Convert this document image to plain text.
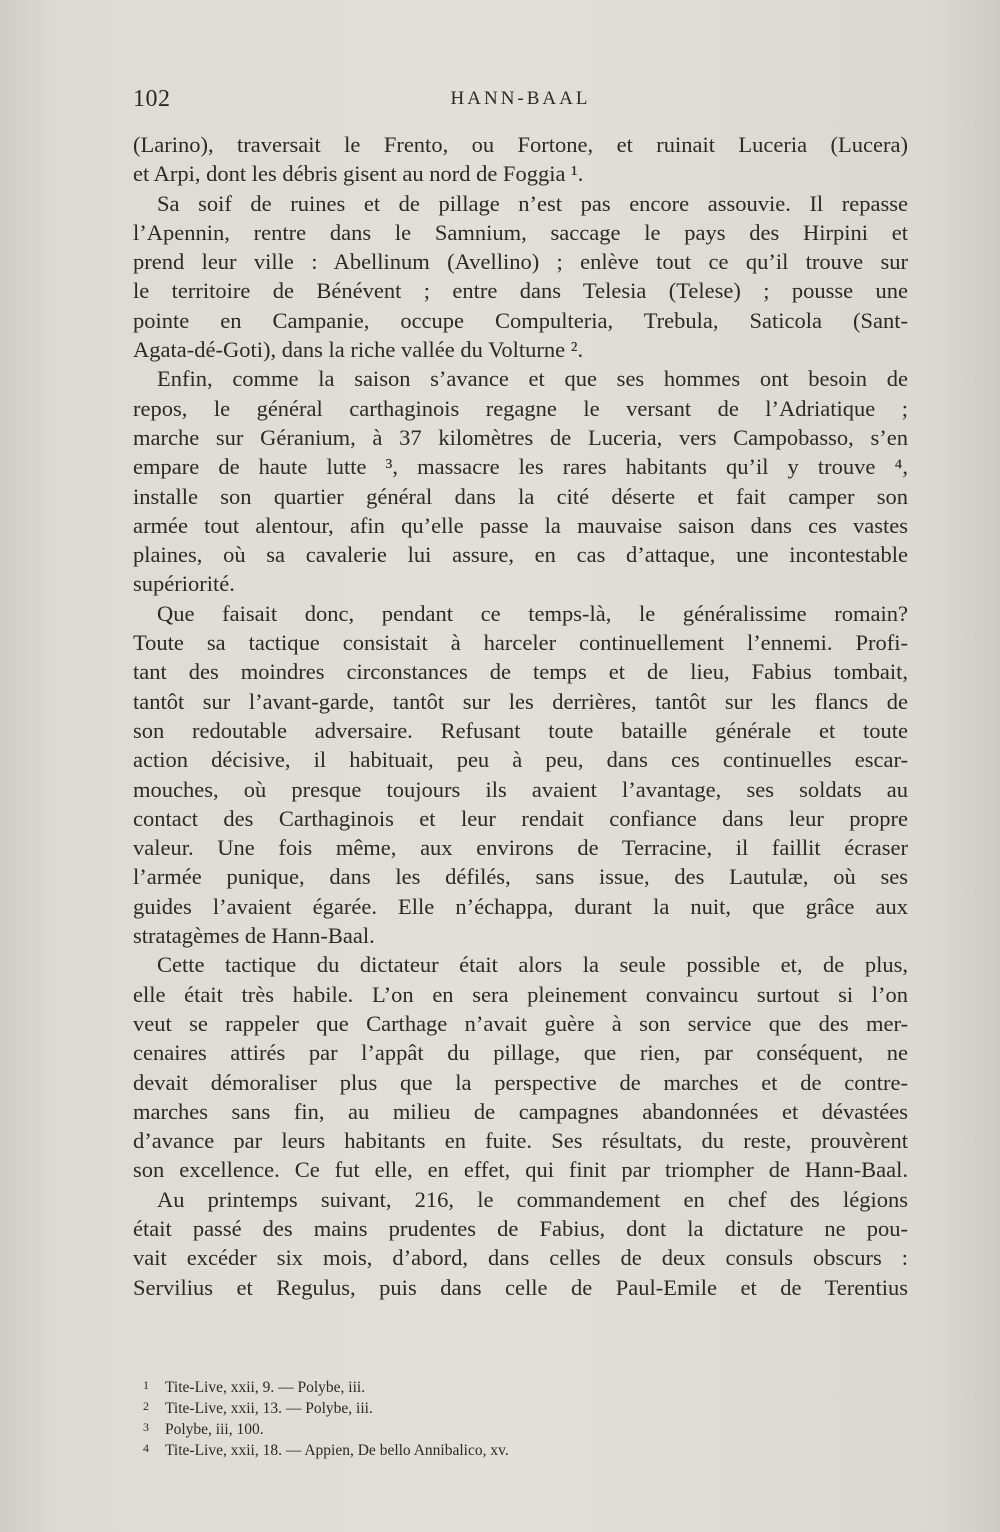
102	HANN-BAAL
(Larino), traversait le Frento, ou Fortone, et ruinait Luceria (Lucera)
et Arpi, dont les débris gisent au nord de Foggia ¹.
Sa soif de ruines et de pillage n’est pas encore assouvie. Il repasse
l’Apennin, rentre dans le Samnium, saccage le pays des Hirpini et
prend leur ville : Abellinum (Avellino) ; enlève tout ce qu’il trouve sur
le territoire de Bénévent ; entre dans Telesia (Telese) ; pousse une
pointe en Campanie, occupe Compulteria, Trebula, Saticola (Sant-
Agata-dé-Goti), dans la riche vallée du Volturne ².
Enfin, comme la saison s’avance et que ses hommes ont besoin de
repos, le général carthaginois regagne le versant de l’Adriatique ;
marche sur Géranium, à 37 kilomètres de Luceria, vers Campobasso, s’en
empare de haute lutte ³, massacre les rares habitants qu’il y trouve ⁴,
installe son quartier général dans la cité déserte et fait camper son
armée tout alentour, afin qu’elle passe la mauvaise saison dans ces vastes
plaines, où sa cavalerie lui assure, en cas d’attaque, une incontestable
supériorité.
Que faisait donc, pendant ce temps-là, le généralissime romain?
Toute sa tactique consistait à harceler continuellement l’ennemi. Profi-
tant des moindres circonstances de temps et de lieu, Fabius tombait,
tantôt sur l’avant-garde, tantôt sur les derrières, tantôt sur les flancs de
son redoutable adversaire. Refusant toute bataille générale et toute
action décisive, il habituait, peu à peu, dans ces continuelles escar-
mouches, où presque toujours ils avaient l’avantage, ses soldats au
contact des Carthaginois et leur rendait confiance dans leur propre
valeur. Une fois même, aux environs de Terracine, il faillit écraser
l’armée punique, dans les défilés, sans issue, des Lautulæ, où ses
guides l’avaient égarée. Elle n’échappa, durant la nuit, que grâce aux
stratagèmes de Hann-Baal.
Cette tactique du dictateur était alors la seule possible et, de plus,
elle était très habile. L’on en sera pleinement convaincu surtout si l’on
veut se rappeler que Carthage n’avait guère à son service que des mer-
cenaires attirés par l’appât du pillage, que rien, par conséquent, ne
devait démoraliser plus que la perspective de marches et de contre-
marches sans fin, au milieu de campagnes abandonnées et dévastées
d’avance par leurs habitants en fuite. Ses résultats, du reste, prouvèrent
son excellence. Ce fut elle, en effet, qui finit par triompher de Hann-Baal.
Au printemps suivant, 216, le commandement en chef des légions
était passé des mains prudentes de Fabius, dont la dictature ne pou-
vait excéder six mois, d’abord, dans celles de deux consuls obscurs :
Servilius et Regulus, puis dans celle de Paul-Emile et de Terentius
1 Tite-Live, xxii, 9. — Polybe, iii.
2 Tite-Live, xxii, 13. — Polybe, iii.
3 Polybe, iii, 100.
4 Tite-Live, xxii, 18. — Appien, De bello Annibalico, xv.
